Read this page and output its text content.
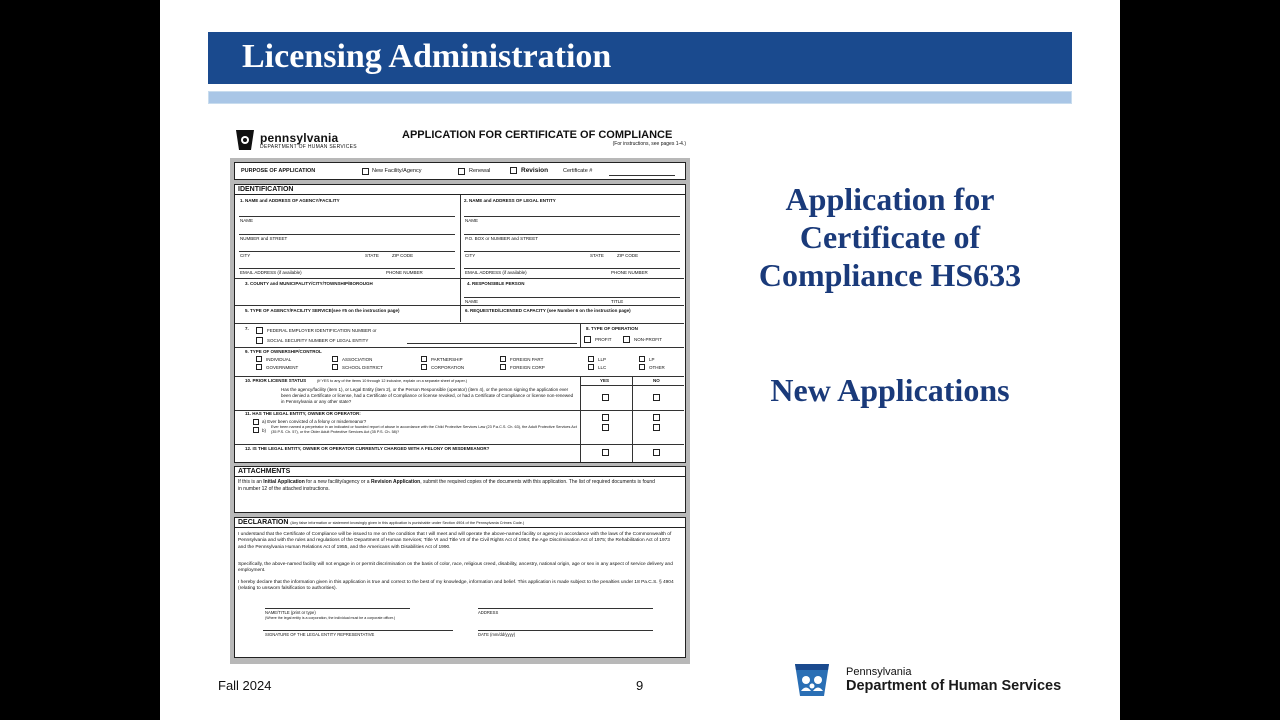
Licensing Administration
pennsylvania
DEPARTMENT OF HUMAN SERVICES
APPLICATION FOR CERTIFICATE OF COMPLIANCE
(For instructions, see pages 1-4.)
PURPOSE OF APPLICATION	New Facility/Agency	Renewal	Revision	Certificate #
IDENTIFICATION
1. NAME and ADDRESS OF AGENCY/FACILITY	2. NAME and ADDRESS OF LEGAL ENTITY
NAME	NAME
NUMBER and STREET	P.O. BOX or NUMBER and STREET
CITY	STATE	ZIP CODE	CITY	STATE	ZIP CODE
EMAIL ADDRESS (if available)	PHONE NUMBER	EMAIL ADDRESS (if available)	PHONE NUMBER
3. COUNTY and MUNICIPALITY/CITY/TOWNSHIP/BOROUGH	4. RESPONSIBLE PERSON
NAME	TITLE
5. TYPE OF AGENCY/FACILITY SERVICE(see #5 on the instruction page)	6. REQUESTED/LICENSED CAPACITY (see Number 6 on the instruction page)
7.	FEDERAL EMPLOYER IDENTIFICATION NUMBER or
SOCIAL SECURITY NUMBER OF LEGAL ENTITY
8. TYPE OF OPERATION
PROFIT	NON-PROFIT
9. TYPE OF OWNERSHIP/CONTROL
INDIVIDUAL	ASSOCIATION	PARTNERSHIP	FOREIGN PART	LLP	LP
GOVERNMENT	SCHOOL DISTRICT	CORPORATION	FOREIGN CORP	LLC	OTHER
10. PRIOR LICENSE STATUS	(If YES to any of the items 10 through 12 inclusive, explain on a separate sheet of paper.)	YES	NO
Has the agency/facility (item 1), or Legal Entity (item 2), or the Person Responsible (operator) (item 4), or the person signing the application ever been denied a Certificate or license, had a Certificate of Compliance or license revoked, or had a Certificate of Compliance or license non-renewed in Pennsylvania or any other state?
11. HAS THE LEGAL ENTITY, OWNER OR OPERATOR:
a) Ever been convicted of a felony or misdemeanor?
b)
Ever been named a perpetrator in an indicated or founded report of abuse in accordance with the Child Protective Services Law (23 P.a.C.S. Ch. 63), the Adult Protective Services Act (35 P.S. Ch. 57), or the Older Adult Protective Services Act (35 P.S. Ch. 58)?
12. IS THE LEGAL ENTITY, OWNER OR OPERATOR CURRENTLY CHARGED WITH A FELONY OR MISDEMEANOR?
ATTACHMENTS
If this is an Initial Application for a new facility/agency or a Revision Application, submit the required copies of the documents with this application. The list of required documents is found in number 12 of the attached instructions.
DECLARATION (Any false information or statement knowingly given in this application is punishable under Section 4904 of the Pennsylvania Crimes Code.)
I understand that the Certificate of Compliance will be issued to me on the condition that I will meet and will operate the above-named facility or agency in accordance with the laws of the Commonwealth of Pennsylvania and with the rules and regulations of the Department of Human Services; Title VI and Title VII of the Civil Rights Act of 1964; the Age Discrimination Act of 1975; the Rehabilitation Act of 1973 and the Pennsylvania Human Relations Act of 1955, and the Americans with Disabilities Act of 1990.
Specifically, the above-named facility will not engage in or permit discrimination on the basis of color, race, religious creed, disability, ancestry, national origin, age or sex in any aspect of service delivery and employment.
I hereby declare that the information given in this application is true and correct to the best of my knowledge, information and belief. This application is made subject to the penalties under 18 Pa.C.S. § 4904 (relating to unsworn falsification to authorities).
NAME/TITLE (print or type)
(Where the legal entity is a corporation, the individual must be a corporate officer.)
ADDRESS
SIGNATURE OF THE LEGAL ENTITY REPRESENTATIVE	DATE (mm/dd/yyyy)
Application for
Certificate of
Compliance HS633
New Applications
Fall 2024	9
Pennsylvania
Department of Human Services
